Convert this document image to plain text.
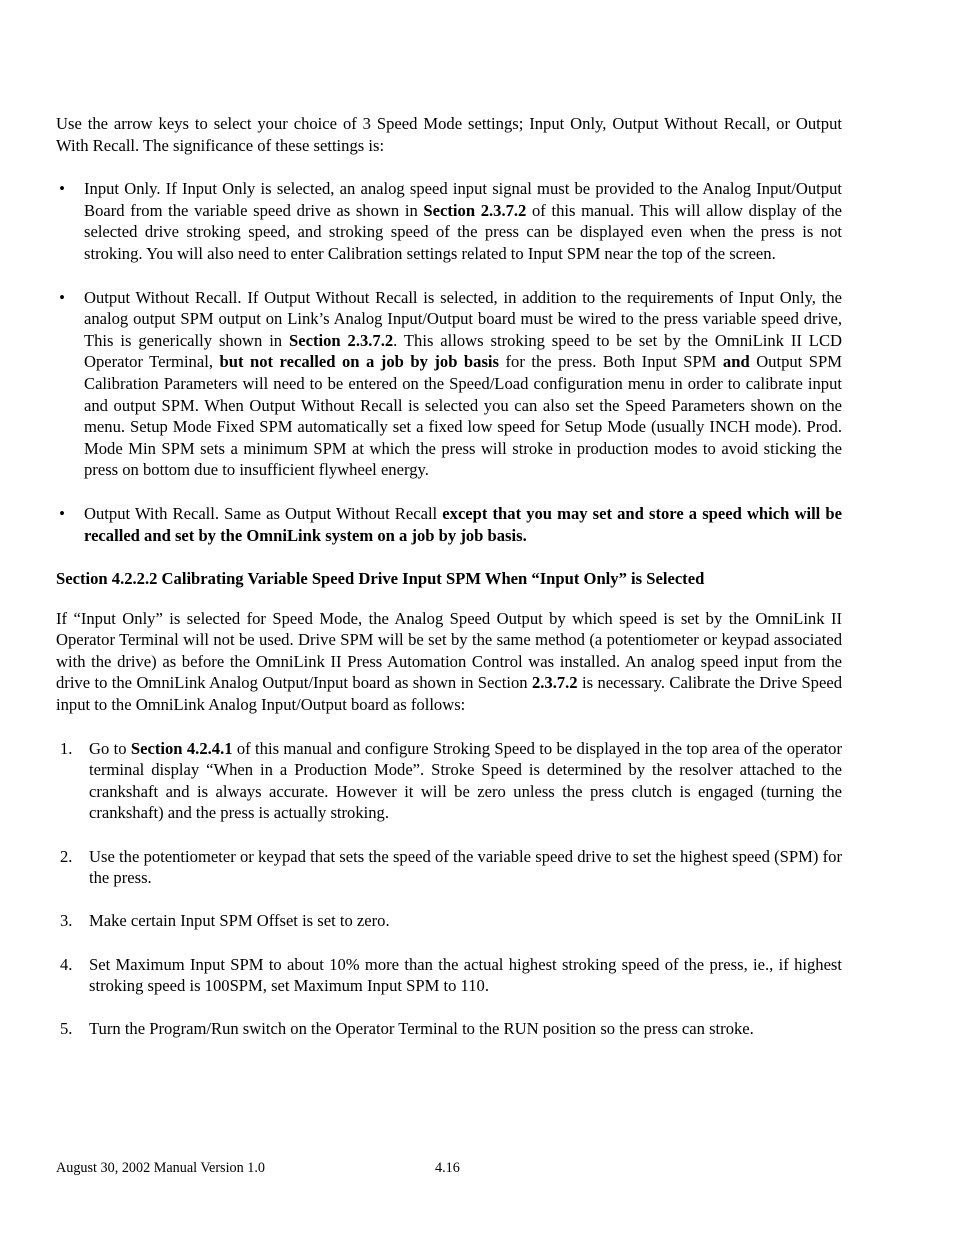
Use the arrow keys to select your choice of 3 Speed Mode settings; Input Only, Output Without Recall, or Output With Recall. The significance of these settings is:

• Input Only. If Input Only is selected, an analog speed input signal must be provided to the Analog Input/Output Board from the variable speed drive as shown in Section 2.3.7.2 of this manual. This will allow display of the selected drive stroking speed, and stroking speed of the press can be displayed even when the press is not stroking. You will also need to enter Calibration settings related to Input SPM near the top of the screen.
• Output Without Recall. If Output Without Recall is selected, in addition to the requirements of Input Only, the analog output SPM output on Link’s Analog Input/Output board must be wired to the press variable speed drive, This is generically shown in Section 2.3.7.2. This allows stroking speed to be set by the OmniLink II LCD Operator Terminal, but not recalled on a job by job basis for the press. Both Input SPM and Output SPM Calibration Parameters will need to be entered on the Speed/Load configuration menu in order to calibrate input and output SPM. When Output Without Recall is selected you can also set the Speed Parameters shown on the menu. Setup Mode Fixed SPM automatically set a fixed low speed for Setup Mode (usually INCH mode). Prod. Mode Min SPM sets a minimum SPM at which the press will stroke in production modes to avoid sticking the press on bottom due to insufficient flywheel energy.
• Output With Recall. Same as Output Without Recall except that you may set and store a speed which will be recalled and set by the OmniLink system on a job by job basis.

Section 4.2.2.2 Calibrating Variable Speed Drive Input SPM When “Input Only” is Selected

If “Input Only” is selected for Speed Mode, the Analog Speed Output by which speed is set by the OmniLink II Operator Terminal will not be used. Drive SPM will be set by the same method (a potentiometer or keypad associated with the drive) as before the OmniLink II Press Automation Control was installed. An analog speed input from the drive to the OmniLink Analog Output/Input board as shown in Section 2.3.7.2 is necessary. Calibrate the Drive Speed input to the OmniLink Analog Input/Output board as follows:

1. Go to Section 4.2.4.1 of this manual and configure Stroking Speed to be displayed in the top area of the operator terminal display “When in a Production Mode”. Stroke Speed is determined by the resolver attached to the crankshaft and is always accurate. However it will be zero unless the press clutch is engaged (turning the crankshaft) and the press is actually stroking.
2. Use the potentiometer or keypad that sets the speed of the variable speed drive to set the highest speed (SPM) for the press.
3. Make certain Input SPM Offset is set to zero.
4. Set Maximum Input SPM to about 10% more than the actual highest stroking speed of the press, ie., if highest stroking speed is 100SPM, set Maximum Input SPM to 110.
5. Turn the Program/Run switch on the Operator Terminal to the RUN position so the press can stroke.
August 30, 2002 Manual Version 1.0	4.16
